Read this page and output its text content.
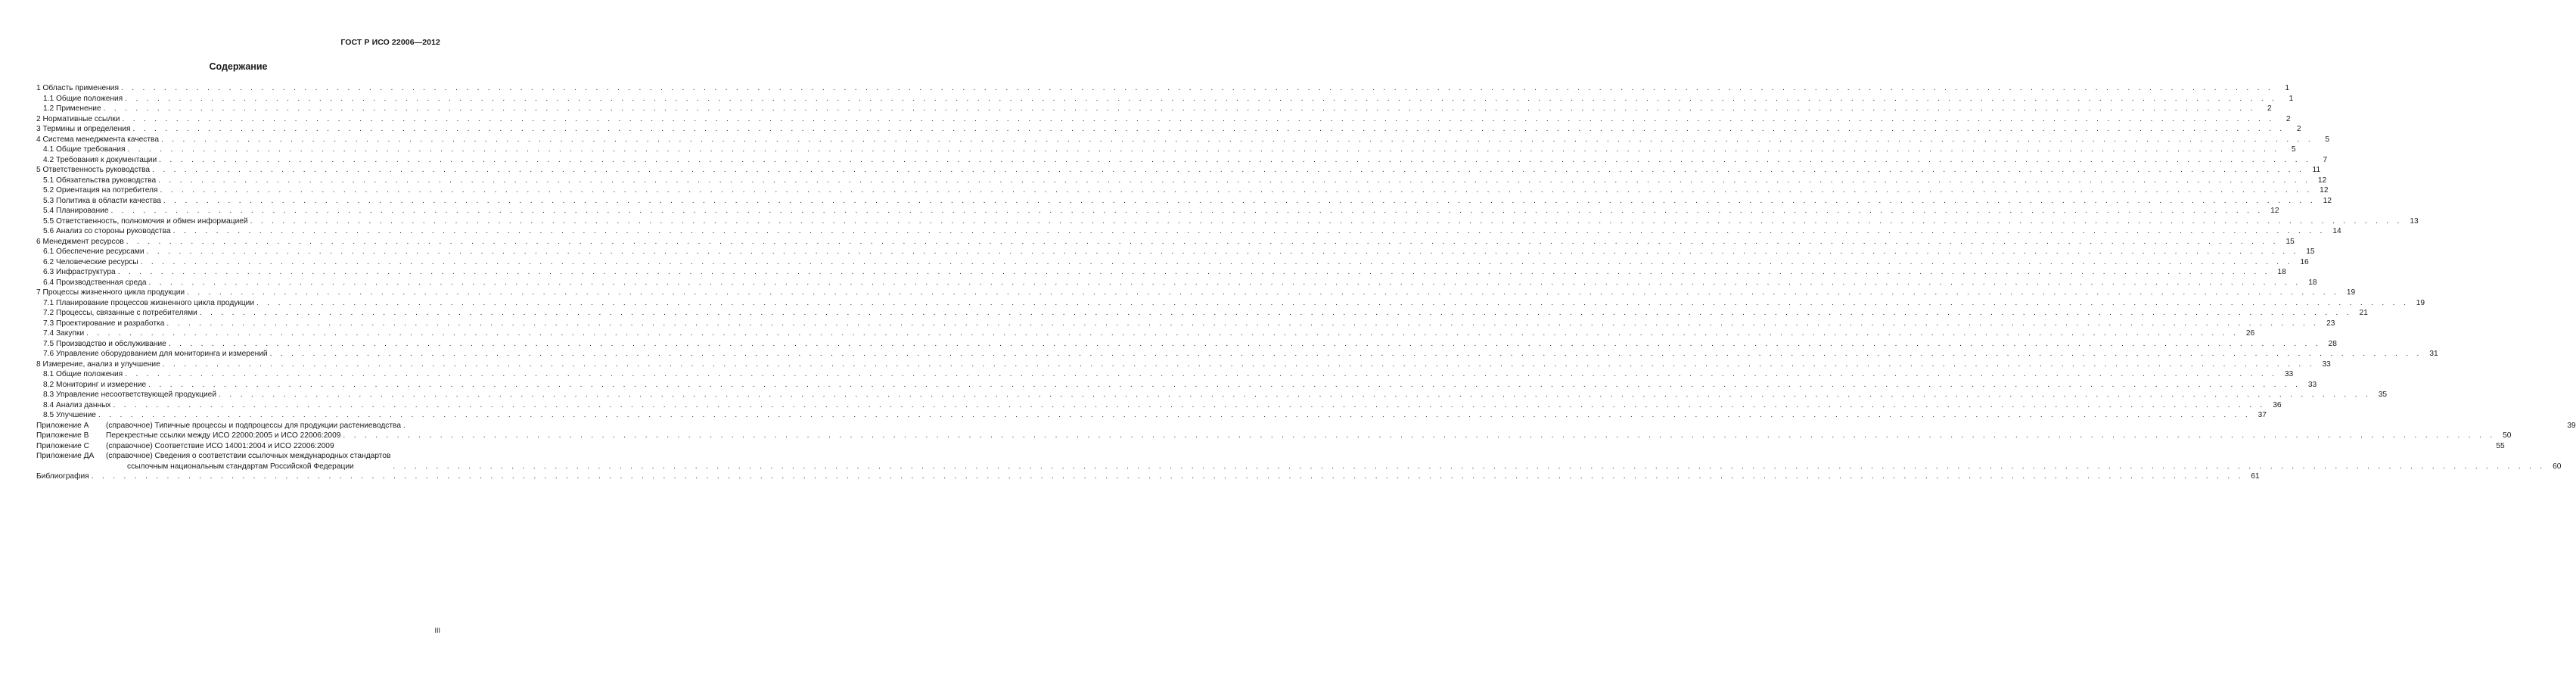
ГОСТ Р ИСО 22006—2012
Содержание
1 Область применения . . . . . . . . . . . . . . . . . . . . . . . . . . . . . . . . . . . . . . . . . . . . . . . . . . . . . . . . . . . . . . . . . . . . . . . . . . . . . . . . . . . . . . . . . . . . . . . . . . . . . . . . . . . . . . . . . . . . . . . . . . . . . . . . . . . . . . . . . . . . . . . . . . . . . . . . . . . . . . . . . . . . . . . . . . . . . . . . . . . . . . . . . . . . . . . . . . . . . . . .	1
1.1 Общие положения . . . . . . . . . . . . . . . . . . . . . . . . . . . . . . . . . . . . . . . . . . . . . . . . . . . . . . . . . . . . . . . . . . . . . . . . . . . . . . . . . . . . . . . . . . . . . . . . . . . . . . . . . . . . . . . . . . . . . . . . . . . . . . . . . . . . . . . . . . . . . . . . . . . . . . . . . . . . . . . . . . . . . . . . . . . . . . . . . . . . . . . . . . . . . . . . . . . . . . . .	1
1.2 Применение . . . . . . . . . . . . . . . . . . . . . . . . . . . . . . . . . . . . . . . . . . . . . . . . . . . . . . . . . . . . . . . . . . . . . . . . . . . . . . . . . . . . . . . . . . . . . . . . . . . . . . . . . . . . . . . . . . . . . . . . . . . . . . . . . . . . . . . . . . . . . . . . . . . . . . . . . . . . . . . . . . . . . . . . . . . . . . . . . . . . . . . . . . . . . . . . . . . . . . . .	2
2 Нормативные ссылки . . . . . . . . . . . . . . . . . . . . . . . . . . . . . . . . . . . . . . . . . . . . . . . . . . . . . . . . . . . . . . . . . . . . . . . . . . . . . . . . . . . . . . . . . . . . . . . . . . . . . . . . . . . . . . . . . . . . . . . . . . . . . . . . . . . . . . . . . . . . . . . . . . . . . . . . . . . . . . . . . . . . . . . . . . . . . . . . . . . . . . . . . . . . . . . . . . . . . . . .	2
3 Термины и определения . . . . . . . . . . . . . . . . . . . . . . . . . . . . . . . . . . . . . . . . . . . . . . . . . . . . . . . . . . . . . . . . . . . . . . . . . . . . . . . . . . . . . . . . . . . . . . . . . . . . . . . . . . . . . . . . . . . . . . . . . . . . . . . . . . . . . . . . . . . . . . . . . . . . . . . . . . . . . . . . . . . . . . . . . . . . . . . . . . . . . . . . . . . . . . . . . . . . . . . .	2
4 Система менеджмента качества . . . . . . . . . . . . . . . . . . . . . . . . . . . . . . . . . . . . . . . . . . . . . . . . . . . . . . . . . . . . . . . . . . . . . . . . . . . . . . . . . . . . . . . . . . . . . . . . . . . . . . . . . . . . . . . . . . . . . . . . . . . . . . . . . . . . . . . . . . . . . . . . . . . . . . . . . . . . . . . . . . . . . . . . . . . . . . . . . . . . . . . . . . . . . . . . . . . . . . . .	5
4.1 Общие требования . . . . . . . . . . . . . . . . . . . . . . . . . . . . . . . . . . . . . . . . . . . . . . . . . . . . . . . . . . . . . . . . . . . . . . . . . . . . . . . . . . . . . . . . . . . . . . . . . . . . . . . . . . . . . . . . . . . . . . . . . . . . . . . . . . . . . . . . . . . . . . . . . . . . . . . . . . . . . . . . . . . . . . . . . . . . . . . . . . . . . . . . . . . . . . . . . . . . . . . .	5
4.2 Требования к документации . . . . . . . . . . . . . . . . . . . . . . . . . . . . . . . . . . . . . . . . . . . . . . . . . . . . . . . . . . . . . . . . . . . . . . . . . . . . . . . . . . . . . . . . . . . . . . . . . . . . . . . . . . . . . . . . . . . . . . . . . . . . . . . . . . . . . . . . . . . . . . . . . . . . . . . . . . . . . . . . . . . . . . . . . . . . . . . . . . . . . . . . . . . . . . . . . . . . . . . .	7
5 Ответственность руководства . . . . . . . . . . . . . . . . . . . . . . . . . . . . . . . . . . . . . . . . . . . . . . . . . . . . . . . . . . . . . . . . . . . . . . . . . . . . . . . . . . . . . . . . . . . . . . . . . . . . . . . . . . . . . . . . . . . . . . . . . . . . . . . . . . . . . . . . . . . . . . . . . . . . . . . . . . . . . . . . . . . . . . . . . . . . . . . . . . . . . . . . . . . . . . . . . . . . . . . .	11
5.1 Обязательства руководства . . . . . . . . . . . . . . . . . . . . . . . . . . . . . . . . . . . . . . . . . . . . . . . . . . . . . . . . . . . . . . . . . . . . . . . . . . . . . . . . . . . . . . . . . . . . . . . . . . . . . . . . . . . . . . . . . . . . . . . . . . . . . . . . . . . . . . . . . . . . . . . . . . . . . . . . . . . . . . . . . . . . . . . . . . . . . . . . . . . . . . . . . . . . . . . . . . . . . . . . 12
5.2 Ориентация на потребителя . . . . . . . . . . . . . . . . . . . . . . . . . . . . . . . . . . . . . . . . . . . . . . . . . . . . . . . . . . . . . . . . . . . . . . . . . . . . . . . . . . . . . . . . . . . . . . . . . . . . . . . . . . . . . . . . . . . . . . . . . . . . . . . . . . . . . . . . . . . . . . . . . . . . . . . . . . . . . . . . . . . . . . . . . . . . . . . . . . . . . . . . . . . . . . . . . . . . . . . . 12
5.3 Политика в области качества . . . . . . . . . . . . . . . . . . . . . . . . . . . . . . . . . . . . . . . . . . . . . . . . . . . . . . . . . . . . . . . . . . . . . . . . . . . . . . . . . . . . . . . . . . . . . . . . . . . . . . . . . . . . . . . . . . . . . . . . . . . . . . . . . . . . . . . . . . . . . . . . . . . . . . . . . . . . . . . . . . . . . . . . . . . . . . . . . . . . . . . . . . . . . . . . . . . . . . . . 12
5.4 Планирование . . . . . . . . . . . . . . . . . . . . . . . . . . . . . . . . . . . . . . . . . . . . . . . . . . . . . . . . . . . . . . . . . . . . . . . . . . . . . . . . . . . . . . . . . . . . . . . . . . . . . . . . . . . . . . . . . . . . . . . . . . . . . . . . . . . . . . . . . . . . . . . . . . . . . . . . . . . . . . . . . . . . . . . . . . . . . . . . . . . . . . . . . . . . . . . . . . . . . . . . 12
5.5 Ответственность, полномочия и обмен информацией . . . . . . . . . . . . . . . . . . . . . . . . . . . . . . . . . . . . . . . . . . . . . . . . . . . . . . . . . . . . . . . . . . . . . . . . . . . . . . . . . . . . . . . . . . . . . . . . . . . . . . . . . . . . . . . . . . . . . . . . . . . . . . . . . . . . . . . . . . . . . . . . . . . . . . . . . . . . . . . . . . . . . . . . . . . . . . . . . . . . . . . . . . . . . . . . . . . . . . . . 13
5.6 Анализ со стороны руководства . . . . . . . . . . . . . . . . . . . . . . . . . . . . . . . . . . . . . . . . . . . . . . . . . . . . . . . . . . . . . . . . . . . . . . . . . . . . . . . . . . . . . . . . . . . . . . . . . . . . . . . . . . . . . . . . . . . . . . . . . . . . . . . . . . . . . . . . . . . . . . . . . . . . . . . . . . . . . . . . . . . . . . . . . . . . . . . . . . . . . . . . . . . . . . . . . . . . . . . . 14
6 Менеджмент ресурсов . . . . . . . . . . . . . . . . . . . . . . . . . . . . . . . . . . . . . . . . . . . . . . . . . . . . . . . . . . . . . . . . . . . . . . . . . . . . . . . . . . . . . . . . . . . . . . . . . . . . . . . . . . . . . . . . . . . . . . . . . . . . . . . . . . . . . . . . . . . . . . . . . . . . . . . . . . . . . . . . . . . . . . . . . . . . . . . . . . . . . . . . . . . . . . . . . . . . . . . . 15
6.1 Обеспечение ресурсами . . . . . . . . . . . . . . . . . . . . . . . . . . . . . . . . . . . . . . . . . . . . . . . . . . . . . . . . . . . . . . . . . . . . . . . . . . . . . . . . . . . . . . . . . . . . . . . . . . . . . . . . . . . . . . . . . . . . . . . . . . . . . . . . . . . . . . . . . . . . . . . . . . . . . . . . . . . . . . . . . . . . . . . . . . . . . . . . . . . . . . . . . . . . . . . . . . . . . . . . 15
6.2 Человеческие ресурсы . . . . . . . . . . . . . . . . . . . . . . . . . . . . . . . . . . . . . . . . . . . . . . . . . . . . . . . . . . . . . . . . . . . . . . . . . . . . . . . . . . . . . . . . . . . . . . . . . . . . . . . . . . . . . . . . . . . . . . . . . . . . . . . . . . . . . . . . . . . . . . . . . . . . . . . . . . . . . . . . . . . . . . . . . . . . . . . . . . . . . . . . . . . . . . . . . . . . . . . . 16
6.3 Инфраструктура . . . . . . . . . . . . . . . . . . . . . . . . . . . . . . . . . . . . . . . . . . . . . . . . . . . . . . . . . . . . . . . . . . . . . . . . . . . . . . . . . . . . . . . . . . . . . . . . . . . . . . . . . . . . . . . . . . . . . . . . . . . . . . . . . . . . . . . . . . . . . . . . . . . . . . . . . . . . . . . . . . . . . . . . . . . . . . . . . . . . . . . . . . . . . . . . . . . . . . . . 18
6.4 Производственная среда . . . . . . . . . . . . . . . . . . . . . . . . . . . . . . . . . . . . . . . . . . . . . . . . . . . . . . . . . . . . . . . . . . . . . . . . . . . . . . . . . . . . . . . . . . . . . . . . . . . . . . . . . . . . . . . . . . . . . . . . . . . . . . . . . . . . . . . . . . . . . . . . . . . . . . . . . . . . . . . . . . . . . . . . . . . . . . . . . . . . . . . . . . . . . . . . . . . . . . . . 18
7 Процессы жизненного цикла продукции . . . . . . . . . . . . . . . . . . . . . . . . . . . . . . . . . . . . . . . . . . . . . . . . . . . . . . . . . . . . . . . . . . . . . . . . . . . . . . . . . . . . . . . . . . . . . . . . . . . . . . . . . . . . . . . . . . . . . . . . . . . . . . . . . . . . . . . . . . . . . . . . . . . . . . . . . . . . . . . . . . . . . . . . . . . . . . . . . . . . . . . . . . . . . . . . . . . . . . . . 19
7.1 Планирование процессов жизненного цикла продукции . . . . . . . . . . . . . . . . . . . . . . . . . . . . . . . . . . . . . . . . . . . . . . . . . . . . . . . . . . . . . . . . . . . . . . . . . . . . . . . . . . . . . . . . . . . . . . . . . . . . . . . . . . . . . . . . . . . . . . . . . . . . . . . . . . . . . . . . . . . . . . . . . . . . . . . . . . . . . . . . . . . . . . . . . . . . . . . . . . . . . . . . . . . . . . . . . . . . . . . . 19
7.2 Процессы, связанные с потребителями . . . . . . . . . . . . . . . . . . . . . . . . . . . . . . . . . . . . . . . . . . . . . . . . . . . . . . . . . . . . . . . . . . . . . . . . . . . . . . . . . . . . . . . . . . . . . . . . . . . . . . . . . . . . . . . . . . . . . . . . . . . . . . . . . . . . . . . . . . . . . . . . . . . . . . . . . . . . . . . . . . . . . . . . . . . . . . . . . . . . . . . . . . . . . . . . . . . . . . . . 21
7.3 Проектирование и разработка . . . . . . . . . . . . . . . . . . . . . . . . . . . . . . . . . . . . . . . . . . . . . . . . . . . . . . . . . . . . . . . . . . . . . . . . . . . . . . . . . . . . . . . . . . . . . . . . . . . . . . . . . . . . . . . . . . . . . . . . . . . . . . . . . . . . . . . . . . . . . . . . . . . . . . . . . . . . . . . . . . . . . . . . . . . . . . . . . . . . . . . . . . . . . . . . . . . . . . . . 23
7.4 Закупки . . . . . . . . . . . . . . . . . . . . . . . . . . . . . . . . . . . . . . . . . . . . . . . . . . . . . . . . . . . . . . . . . . . . . . . . . . . . . . . . . . . . . . . . . . . . . . . . . . . . . . . . . . . . . . . . . . . . . . . . . . . . . . . . . . . . . . . . . . . . . . . . . . . . . . . . . . . . . . . . . . . . . . . . . . . . . . . . . . . . . . . . . . . . . . . . . . . . . . . . 26
7.5 Производство и обслуживание . . . . . . . . . . . . . . . . . . . . . . . . . . . . . . . . . . . . . . . . . . . . . . . . . . . . . . . . . . . . . . . . . . . . . . . . . . . . . . . . . . . . . . . . . . . . . . . . . . . . . . . . . . . . . . . . . . . . . . . . . . . . . . . . . . . . . . . . . . . . . . . . . . . . . . . . . . . . . . . . . . . . . . . . . . . . . . . . . . . . . . . . . . . . . . . . . . . . . . . . 28
7.6 Управление оборудованием для мониторинга и измерений . . . . . . . . . . . . . . . . . . . . . . . . . . . . . . . . . . . . . . . . . . . . . . . . . . . . . . . . . . . . . . . . . . . . . . . . . . . . . . . . . . . . . . . . . . . . . . . . . . . . . . . . . . . . . . . . . . . . . . . . . . . . . . . . . . . . . . . . . . . . . . . . . . . . . . . . . . . . . . . . . . . . . . . . . . . . . . . . . . . . . . . . . . . . . . . . . . . . . . . . 31
8 Измерение, анализ и улучшение . . . . . . . . . . . . . . . . . . . . . . . . . . . . . . . . . . . . . . . . . . . . . . . . . . . . . . . . . . . . . . . . . . . . . . . . . . . . . . . . . . . . . . . . . . . . . . . . . . . . . . . . . . . . . . . . . . . . . . . . . . . . . . . . . . . . . . . . . . . . . . . . . . . . . . . . . . . . . . . . . . . . . . . . . . . . . . . . . . . . . . . . . . . . . . . . . . . . . . . . 33
8.1 Общие положения . . . . . . . . . . . . . . . . . . . . . . . . . . . . . . . . . . . . . . . . . . . . . . . . . . . . . . . . . . . . . . . . . . . . . . . . . . . . . . . . . . . . . . . . . . . . . . . . . . . . . . . . . . . . . . . . . . . . . . . . . . . . . . . . . . . . . . . . . . . . . . . . . . . . . . . . . . . . . . . . . . . . . . . . . . . . . . . . . . . . . . . . . . . . . . . . . . . . . . . . 33
8.2 Мониторинг и измерение . . . . . . . . . . . . . . . . . . . . . . . . . . . . . . . . . . . . . . . . . . . . . . . . . . . . . . . . . . . . . . . . . . . . . . . . . . . . . . . . . . . . . . . . . . . . . . . . . . . . . . . . . . . . . . . . . . . . . . . . . . . . . . . . . . . . . . . . . . . . . . . . . . . . . . . . . . . . . . . . . . . . . . . . . . . . . . . . . . . . . . . . . . . . . . . . . . . . . . . . 33
8.3 Управление несоответствующей продукцией . . . . . . . . . . . . . . . . . . . . . . . . . . . . . . . . . . . . . . . . . . . . . . . . . . . . . . . . . . . . . . . . . . . . . . . . . . . . . . . . . . . . . . . . . . . . . . . . . . . . . . . . . . . . . . . . . . . . . . . . . . . . . . . . . . . . . . . . . . . . . . . . . . . . . . . . . . . . . . . . . . . . . . . . . . . . . . . . . . . . . . . . . . . . . . . . . . . . . . . . 35
8.4 Анализ данных . . . . . . . . . . . . . . . . . . . . . . . . . . . . . . . . . . . . . . . . . . . . . . . . . . . . . . . . . . . . . . . . . . . . . . . . . . . . . . . . . . . . . . . . . . . . . . . . . . . . . . . . . . . . . . . . . . . . . . . . . . . . . . . . . . . . . . . . . . . . . . . . . . . . . . . . . . . . . . . . . . . . . . . . . . . . . . . . . . . . . . . . . . . . . . . . . . . . . . . . 36
8.5 Улучшение . . . . . . . . . . . . . . . . . . . . . . . . . . . . . . . . . . . . . . . . . . . . . . . . . . . . . . . . . . . . . . . . . . . . . . . . . . . . . . . . . . . . . . . . . . . . . . . . . . . . . . . . . . . . . . . . . . . . . . . . . . . . . . . . . . . . . . . . . . . . . . . . . . . . . . . . . . . . . . . . . . . . . . . . . . . . . . . . . . . . . . . . . . . . . . . . . . . . . . . . 37
Приложение А	(справочное) Типичные процессы и подпроцессы для продукции растениеводства .	39
Приложение В	Перекрестные ссылки между ИСО 22000:2005 и ИСО 22006:2009 . . . . . . . . . . . . . . . . . . . . . . . . . . . . . . . . . . . . . . . . . . . . . . . . . . . . . . . . . . . . . . . . . . . . . . . . . . . . . . . . . . . . . . . . . . . . . . . . . . . . . . . . . . . . . . . . . . . . . . . . . . . . . . . . . . . . . . . . . . . . . . . . . . . . . . . . . . . . . . . . . . . . . . . . . . . . . . . . . . . . . . . . . . . . . . . . . . . . . . . . 50
Приложение С	(справочное) Соответствие ИСО 14001:2004 и ИСО 22006:2009	55
Приложение ДА	(справочное) Сведения о соответствии ссылочных международных стандартов
ссылочным национальным стандартам Российской Федерации	. . . . . . . . . . . . . . . . . . . . . . . . . . . . . . . . . . . . . . . . . . . . . . . . . . . . . . . . . . . . . . . . . . . . . . . . . . . . . . . . . . . . . . . . . . . . . . . . . . . . . . . . . . . . . . . . . . . . . . . . . . . . . . . . . . . . . . . . . . . . . . . . . . . . . . . . . . . . . . . . . . . . . . . . . . . . . . . . . . . . . . . . . . . . . . . . . . . . . . . . 60
Библиография . . . . . . . . . . . . . . . . . . . . . . . . . . . . . . . . . . . . . . . . . . . . . . . . . . . . . . . . . . . . . . . . . . . . . . . . . . . . . . . . . . . . . . . . . . . . . . . . . . . . . . . . . . . . . . . . . . . . . . . . . . . . . . . . . . . . . . . . . . . . . . . . . . . . . . . . . . . . . . . . . . . . . . . . . . . . . . . . . . . . . . . . . . . . . . . . . . . . . . . . 61
III
